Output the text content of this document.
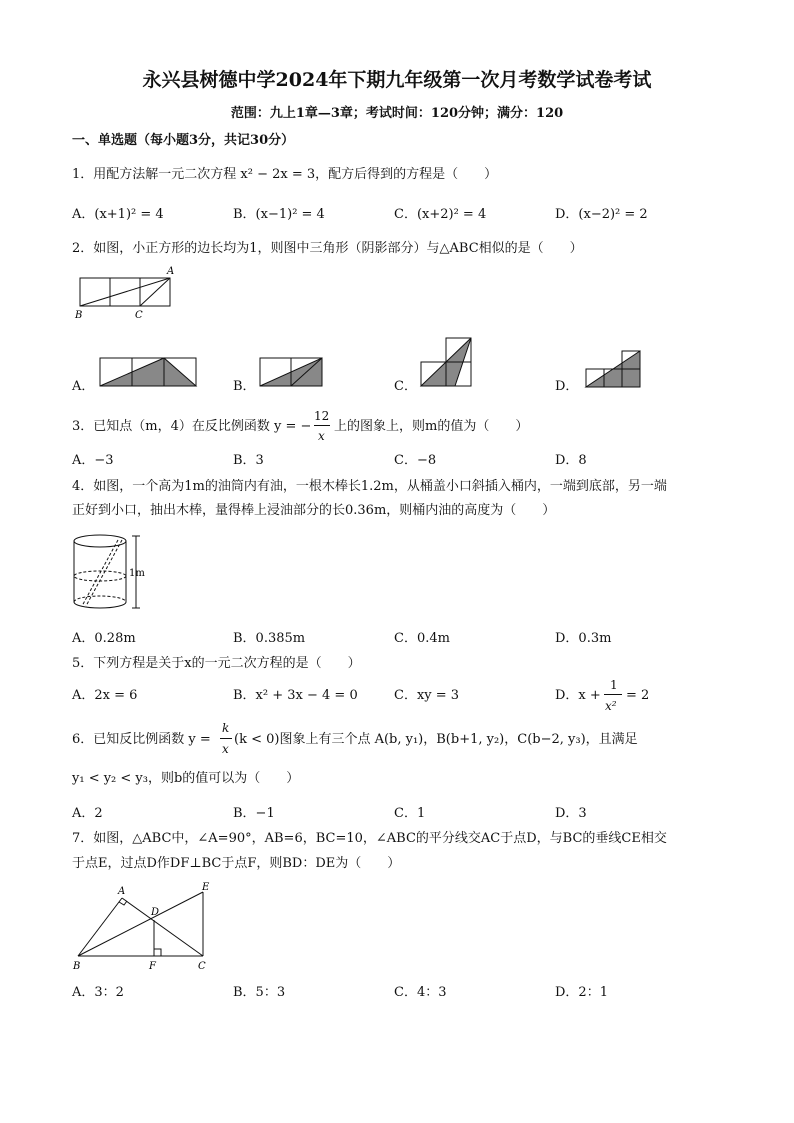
永兴县树德中学2024年下期九年级第一次月考数学试卷考试
范围：九上1章—3章；考试时间：120分钟；满分：120
一、单选题（每小题3分，共记30分）
1．用配方法解一元二次方程 x² − 2x = 3，配方后得到的方程是（　　）
A．(x+1)² = 4	B．(x−1)² = 4	C．(x+2)² = 4	D．(x−2)² = 2
2．如图，小正方形的边长均为1，则图中三角形（阴影部分）与△ABC相似的是（　　）
A
B	C
A．	B．	C．	D．
3．已知点（m，4）在反比例函数 y = −
12
x
上的图象上，则m的值为（　　）
A．−3	B．3	C．−8	D．8
4．如图，一个高为1m的油筒内有油，一根木棒长1.2m，从桶盖小口斜插入桶内，一端到底部，另一端
正好到小口，抽出木棒，量得棒上浸油部分的长0.36m，则桶内油的高度为（　　）
1m
A．0.28m	B．0.385m	C．0.4m	D．0.3m
5．下列方程是关于x的一元二次方程的是（　　）
A．2x = 6	B．x² + 3x − 4 = 0	C．xy = 3	D．x +
1
x²
= 2
6．已知反比例函数 y =
k
x
(k < 0)图象上有三个点 A(b, y₁)，B(b+1, y₂)，C(b−2, y₃)，且满足
y₁ < y₂ < y₃，则b的值可以为（　　）
A．2	B．−1	C．1	D．3
7．如图，△ABC中，∠A=90°，AB=6，BC=10，∠ABC的平分线交AC于点D，与BC的垂线CE相交
于点E，过点D作DF⊥BC于点F，则BD：DE为（　　）
A
B	C
D
E
F
A．3：2	B．5：3	C．4：3	D．2：1
